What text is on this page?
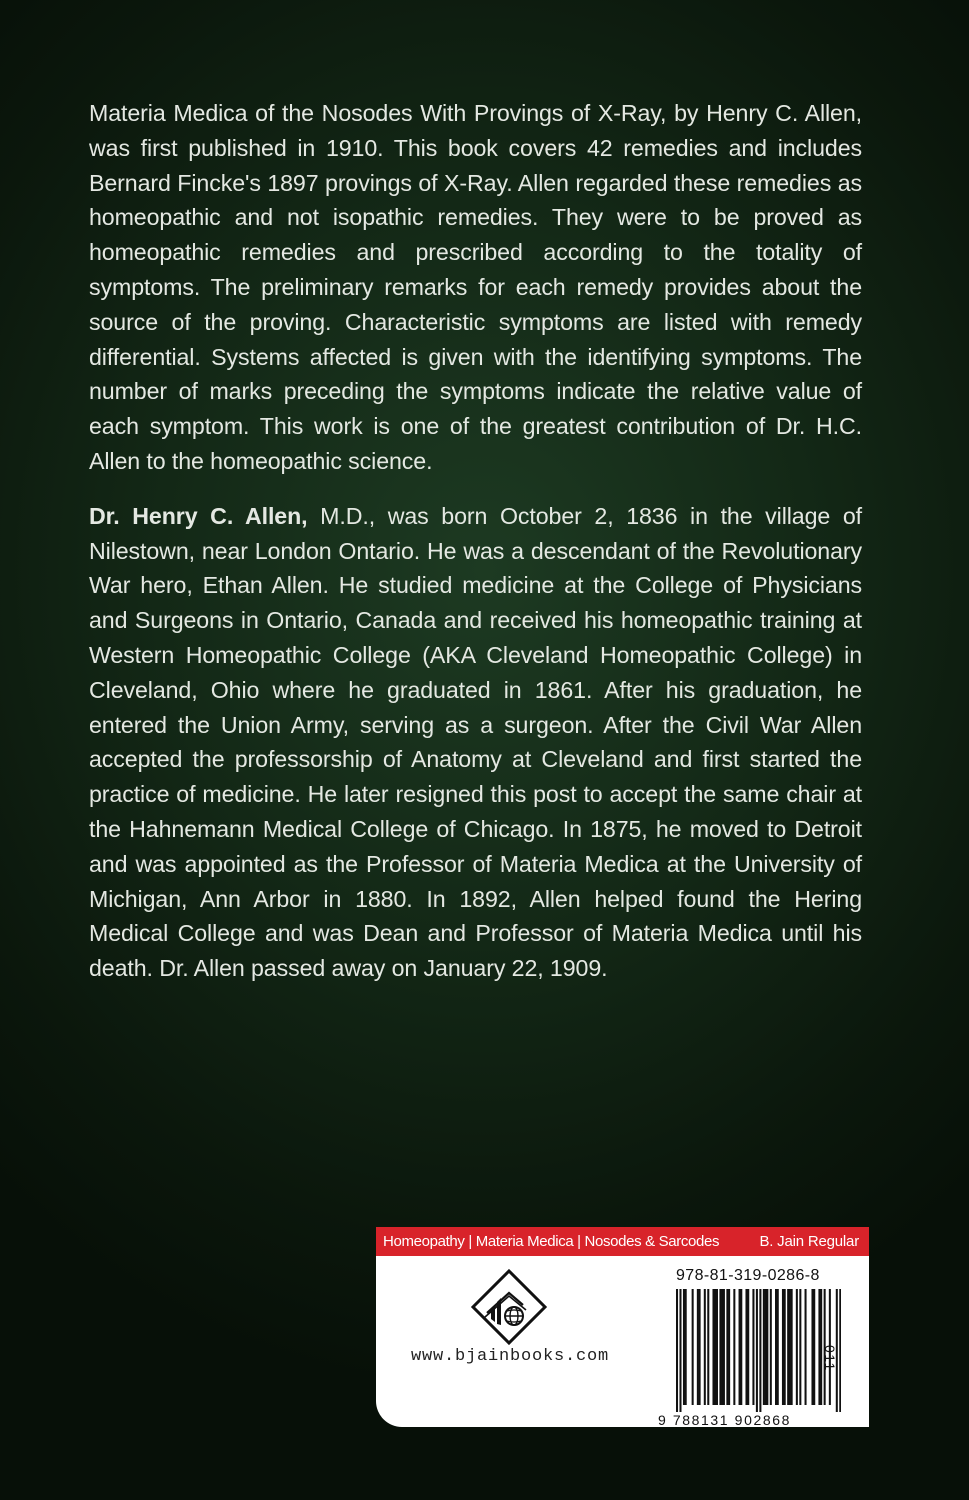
Materia Medica of the Nosodes With Provings of X-Ray, by Henry C. Allen, was first published in 1910. This book covers 42 remedies and includes Bernard Fincke's 1897 provings of X-Ray. Allen regarded these remedies as homeopathic and not isopathic remedies. They were to be proved as homeopathic remedies and prescribed according to the totality of symptoms. The preliminary remarks for each remedy provides about the source of the proving. Characteristic symptoms are listed with remedy differential. Systems affected is given with the identifying symptoms. The number of marks preceding the symptoms indicate the relative value of each symptom. This work is one of the greatest contribution of Dr. H.C. Allen to the homeopathic science.

Dr. Henry C. Allen, M.D., was born October 2, 1836 in the village of Nilestown, near London Ontario. He was a descendant of the Revolutionary War hero, Ethan Allen. He studied medicine at the College of Physicians and Surgeons in Ontario, Canada and received his homeopathic training at Western Homeopathic College (AKA Cleveland Homeopathic College) in Cleveland, Ohio where he graduated in 1861. After his graduation, he entered the Union Army, serving as a surgeon. After the Civil War Allen accepted the professorship of Anatomy at Cleveland and first started the practice of medicine. He later resigned this post to accept the same chair at the Hahnemann Medical College of Chicago. In 1875, he moved to Detroit and was appointed as the Professor of Materia Medica at the University of Michigan, Ann Arbor in 1880. In 1892, Allen helped found the Hering Medical College and was Dean and Professor of Materia Medica until his death. Dr. Allen passed away on January 22, 1909.

Homeopathy | Materia Medica | Nosodes & Sarcodes	B. Jain Regular
www.bjainbooks.com
978-81-319-0286-8
9 788131 902868
011
